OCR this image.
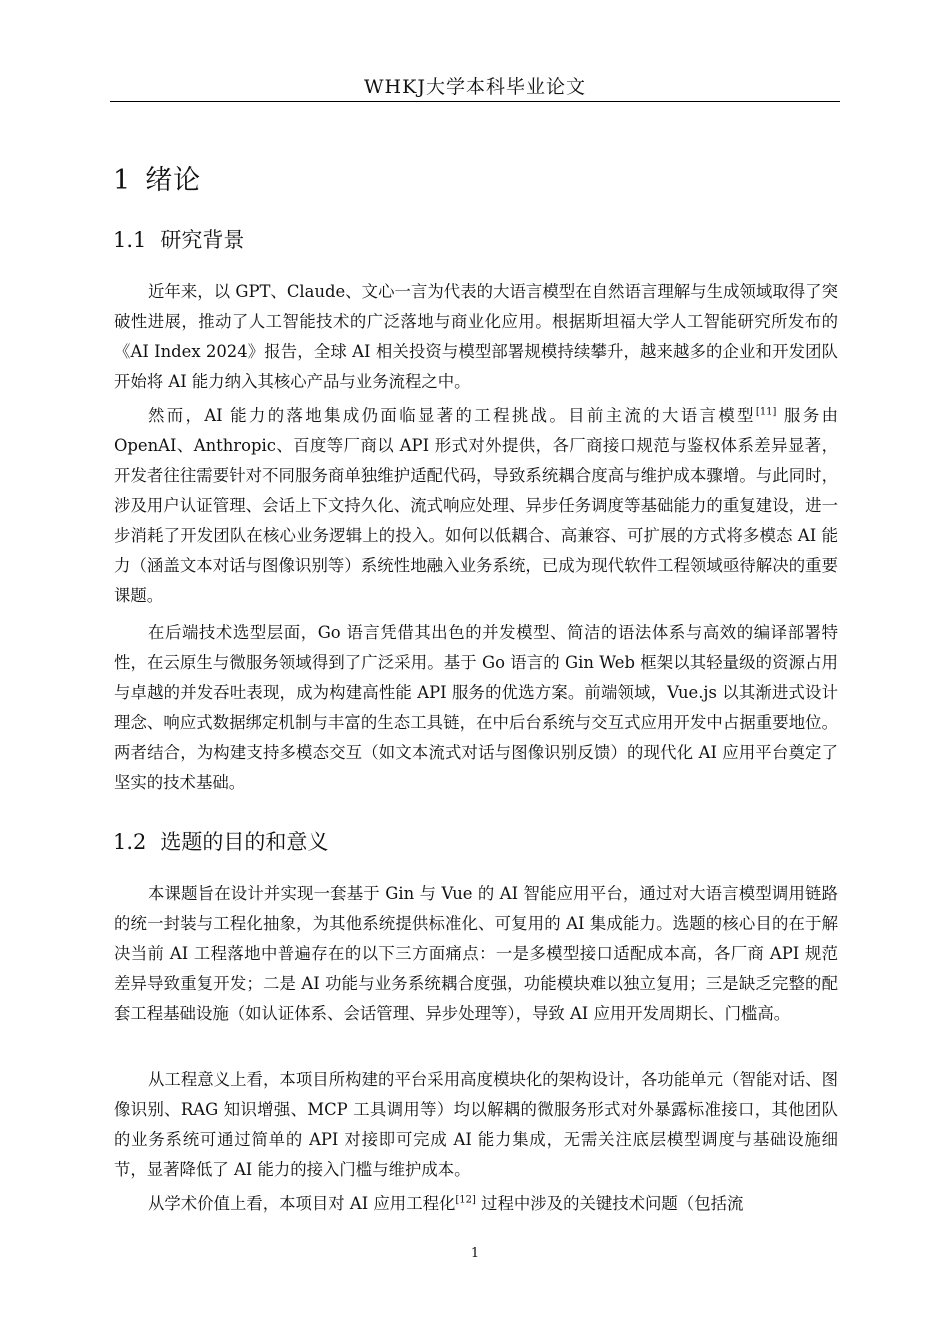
WHKJ大学本科毕业论文
1 绪论
1.1 研究背景

近年来，以 GPT、Claude、文心一言为代表的大语言模型在自然语言理解与生成领域取得了突破性进展，推动了人工智能技术的广泛落地与商业化应用。根据斯坦福大学人工智能研究所发布的《AI Index 2024》报告，全球 AI 相关投资与模型部署规模持续攀升，越来越多的企业和开发团队开始将 AI 能力纳入其核心产品与业务流程之中。

然而，AI 能力的落地集成仍面临显著的工程挑战。目前主流的大语言模型[11] 服务由 OpenAI、Anthropic、百度等厂商以 API 形式对外提供，各厂商接口规范与鉴权体系差异显著，开发者往往需要针对不同服务商单独维护适配代码，导致系统耦合度高与维护成本骤增。与此同时，涉及用户认证管理、会话上下文持久化、流式响应处理、异步任务调度等基础能力的重复建设，进一步消耗了开发团队在核心业务逻辑上的投入。如何以低耦合、高兼容、可扩展的方式将多模态 AI 能力（涵盖文本对话与图像识别等）系统性地融入业务系统，已成为现代软件工程领域亟待解决的重要课题。

在后端技术选型层面，Go 语言凭借其出色的并发模型、简洁的语法体系与高效的编译部署特性，在云原生与微服务领域得到了广泛采用。基于 Go 语言的 Gin Web 框架以其轻量级的资源占用与卓越的并发吞吐表现，成为构建高性能 API 服务的优选方案。前端领域，Vue.js 以其渐进式设计理念、响应式数据绑定机制与丰富的生态工具链，在中后台系统与交互式应用开发中占据重要地位。两者结合，为构建支持多模态交互（如文本流式对话与图像识别反馈）的现代化 AI 应用平台奠定了坚实的技术基础。

1.2 选题的目的和意义

本课题旨在设计并实现一套基于 Gin 与 Vue 的 AI 智能应用平台，通过对大语言模型调用链路的统一封装与工程化抽象，为其他系统提供标准化、可复用的 AI 集成能力。选题的核心目的在于解决当前 AI 工程落地中普遍存在的以下三方面痛点：一是多模型接口适配成本高，各厂商 API 规范差异导致重复开发；二是 AI 功能与业务系统耦合度强，功能模块难以独立复用；三是缺乏完整的配套工程基础设施（如认证体系、会话管理、异步处理等），导致 AI 应用开发周期长、门槛高。

从工程意义上看，本项目所构建的平台采用高度模块化的架构设计，各功能单元（智能对话、图像识别、RAG 知识增强、MCP 工具调用等）均以解耦的微服务形式对外暴露标准接口，其他团队的业务系统可通过简单的 API 对接即可完成 AI 能力集成，无需关注底层模型调度与基础设施细节，显著降低了 AI 能力的接入门槛与维护成本。

从学术价值上看，本项目对 AI 应用工程化[12] 过程中涉及的关键技术问题（包括流

1
